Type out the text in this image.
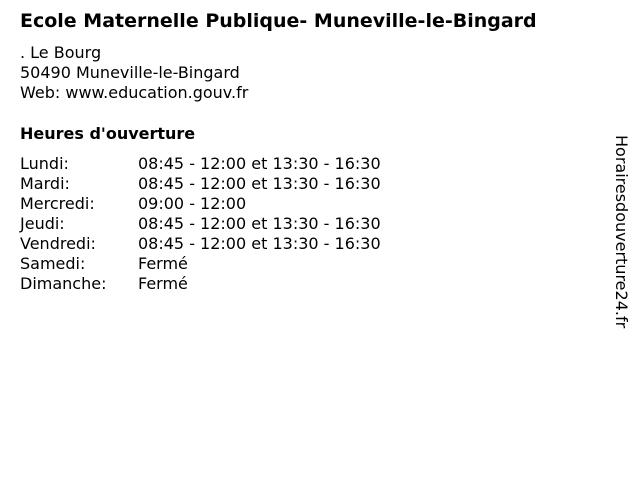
Ecole Maternelle Publique- Muneville-le-Bingard
. Le Bourg
50490 Muneville-le-Bingard
Web: www.education.gouv.fr
Heures d'ouverture
Lundi:	08:45 - 12:00 et 13:30 - 16:30
Mardi:	08:45 - 12:00 et 13:30 - 16:30
Mercredi:	09:00 - 12:00
Jeudi:	08:45 - 12:00 et 13:30 - 16:30
Vendredi:	08:45 - 12:00 et 13:30 - 16:30
Samedi:	Fermé
Dimanche: Fermé	Horairesdouverture24.fr
